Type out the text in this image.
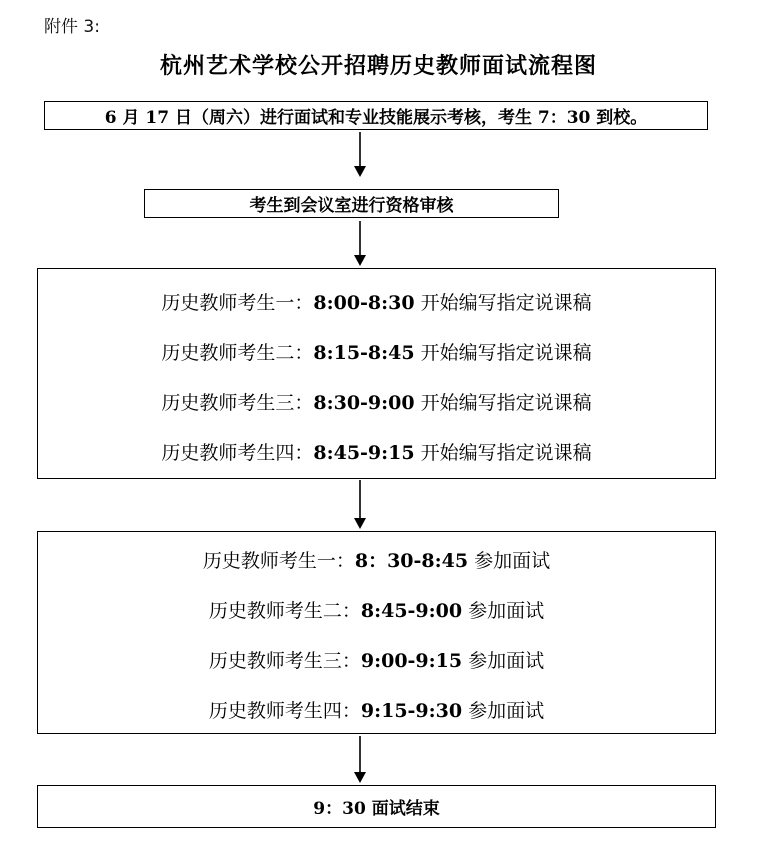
附件 3:
杭州艺术学校公开招聘历史教师面试流程图
6 月 17 日（周六）进行面试和专业技能展示考核，考生 7：30 到校。
考生到会议室进行资格审核
历史教师考生一：8:00-8:30 开始编写指定说课稿
历史教师考生二：8:15-8:45 开始编写指定说课稿
历史教师考生三：8:30-9:00 开始编写指定说课稿
历史教师考生四：8:45-9:15 开始编写指定说课稿
历史教师考生一：8：30-8:45 参加面试
历史教师考生二：8:45-9:00 参加面试
历史教师考生三：9:00-9:15 参加面试
历史教师考生四：9:15-9:30 参加面试
9：30 面试结束
